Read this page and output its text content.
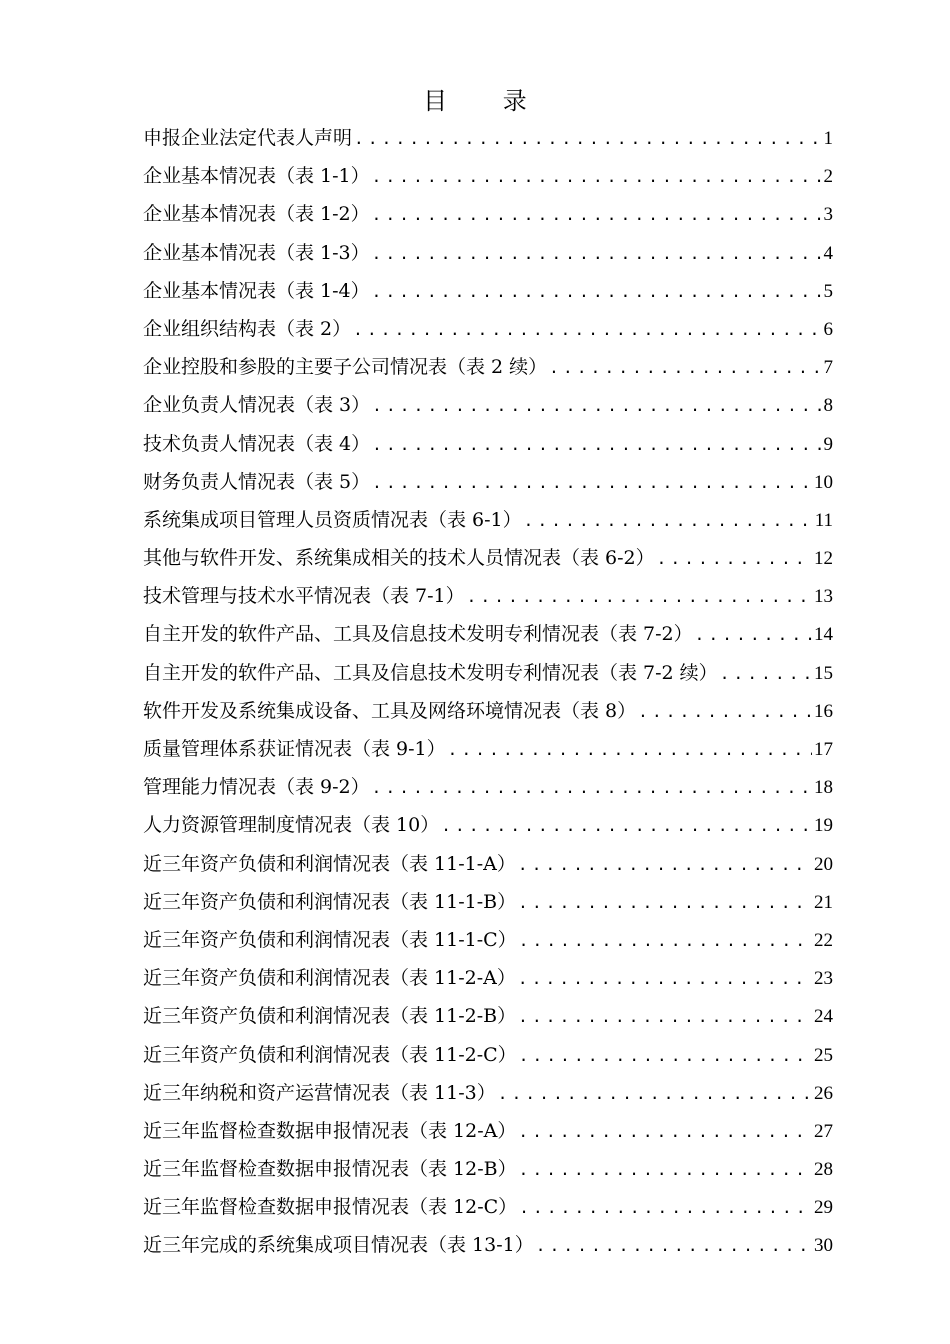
目 录
申报企业法定代表人声明 .....	1
企业基本情况表（表 1-1） .....	2
企业基本情况表（表 1-2） .....	3
企业基本情况表（表 1-3） .....	4
企业基本情况表（表 1-4） .....	5
企业组织结构表（表 2） .....	6
企业控股和参股的主要子公司情况表（表 2 续） .....	7
企业负责人情况表（表 3） .....	8
技术负责人情况表（表 4） .....	9
财务负责人情况表（表 5） .....	10
系统集成项目管理人员资质情况表（表 6-1） .....	11
其他与软件开发、系统集成相关的技术人员情况表（表 6-2） .....	12
技术管理与技术水平情况表（表 7-1） .....	13
自主开发的软件产品、工具及信息技术发明专利情况表（表 7-2） .....	14
自主开发的软件产品、工具及信息技术发明专利情况表（表 7-2 续） .....	15
软件开发及系统集成设备、工具及网络环境情况表（表 8） .....	16
质量管理体系获证情况表（表 9-1） .....	17
管理能力情况表（表 9-2） .....	18
人力资源管理制度情况表（表 10） .....	19
近三年资产负债和利润情况表（表 11-1-A） .....	20
近三年资产负债和利润情况表（表 11-1-B） .....	21
近三年资产负债和利润情况表（表 11-1-C） .....	22
近三年资产负债和利润情况表（表 11-2-A） .....	23
近三年资产负债和利润情况表（表 11-2-B） .....	24
近三年资产负债和利润情况表（表 11-2-C） .....	25
近三年纳税和资产运营情况表（表 11-3） .....	26
近三年监督检查数据申报情况表（表 12-A） .....	27
近三年监督检查数据申报情况表（表 12-B） .....	28
近三年监督检查数据申报情况表（表 12-C） .....	29
近三年完成的系统集成项目情况表（表 13-1） .....	30
